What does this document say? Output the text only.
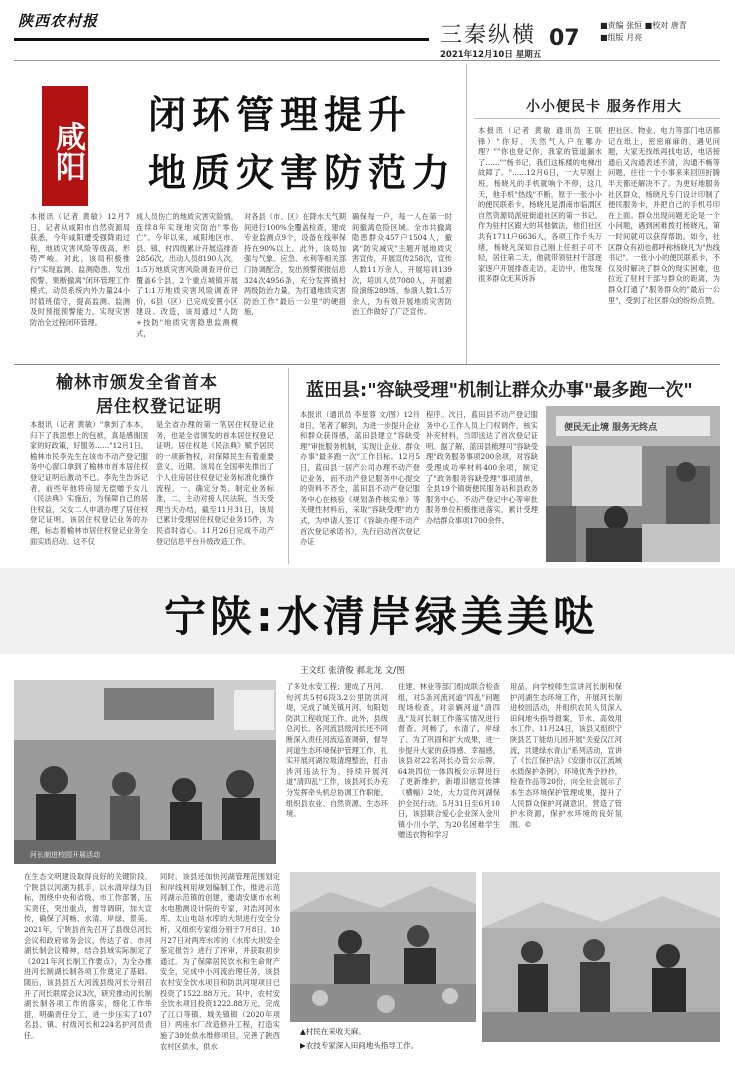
陕西农村报
三秦纵横 07
■责编 张恒 ■校对 唐青
■组版 月亮
2021年12月10日 星期五
咸阳
闭环管理提升
地质灾害防范力
本报讯（记者 黄敏）12月7日，记者从咸阳市自然资源局获悉，今年咸阳遭受强降雨过程，地质灾害风险等级高，形势严峻。对此，该局积极推行"实现监测、监测隐患、发出预警、果断撤离"闭环管理工作模式，动员系统内外力量24小时值班值守，提高监测、监测及时预报预警能力，实现灾害防治全过程闭环管理。
成人员伤亡的地质灾害灾险情，连续8年实现地灾防治"零伤亡"。今年以来，咸阳地区市、县、镇、村四级累计开展巡排查2856次，出动人员8190人次，1:5万地质灾害风险调查评价已覆盖6个县，2个重点城镇开展了1:1万地质灾害风险调查评价，6县（区）已完成安置小区建设、改造，该局通过"人防+技防"地质灾害隐患监测模式，
对各县（市、区）在降水天气期间进行100%全覆盖检查，建成专业监测点9个，设备在线率保持在90%以上。此外，该局加强与气象、应急、水利等相关部门协调配合，发出预警预报信息324次4956条，充分发挥镇村两级防治力量，为打通地质灾害防治工作"最后一公里"的硬措施，
确保每一户，每一人在第一时间撤离危险区域。全市共撤离隐患群众457户1504人，撤离"防灾减灾"主题开展地质灾害宣传，开展宣传258次，宣传人数11万余人，开展培训139次，培训人员7080人，开展避险演练289场，参演人数1.5万余人，为有效开展地质灾害防治工作做好了广泛宣传。
小小便民卡 服务作用大
本报讯（记者 黄敏 通讯员 王联锋）"你好，天然气入户在哪办理？""你也登记你，我家的管道漏水了……""杨书记，我们这栋楼的电梯出故障了。"……12月6日，一大早刚上班，杨晓凡的手机就响个不停，这几天，他手机"热线"不断，原于一张小小的便民联系卡。杨晓凡是渭南市临渭区自然资源局派驻街道社区的第一书记。作为驻村区跟大的其他做法，他们社区共有1711户6636人，各项工作千头万绪，杨晓凡深知自己刚上任担子可不轻，居住第二天，他就带领驻村干部逐家逐户开展排查走访，走访中，他发现很多群众无其诉诉
把社区、物业、电力等部门电话都记在纸上，密密麻麻的，遇见问题，大家无找纸再找电话，电话接通后又沟通表述不清，沟通不畅等问题，往往一个小事来来回回折腾半天都还解决不了。为更好地服务社区群众，杨晓凡专门设计印制了便民服务卡，并把自己的手机号印在上面。群众出现问题无论是一个小问题，遇到困难拨打杨晓凡，第一时间就可以获得帮助。如今，社区群众有初也都呼称杨晓凡为"热线书记"。一张小小的便民联系卡，不仅及时解决了群众的现实困难，也拉近了驻村干部与群众的距离，为群众打通了"服务群众的"最后一公里"，受到了社区群众的纷纷点赞。
榆林市颁发全省首本
居住权登记证明
本报讯（记者 黄敏）"拿到了本本，归下了我思想上的包袱，真是感谢国家的好政策，好服务……"12月1日，榆林市民李先生在该市不动产登记服务中心窗口拿到了榆林市首本居住权登记证明后激动不已。李先生告诉记者，前些年他将房屋无偿赠予女儿《民法典》实施后，为保障自己的居住权益，父女二人申请办理了居住权登记证明。该居住权登记业务的办理，标志着榆林市居住权登记业务全面实质启动。这不仅
是全省办理的第一笔居住权登记业务，也是全省颁发的首本居住权登记证明。居住权是《民法典》赋予居民的一项新物权，对保障民生有着重要意义，近期，该局在全国率先推出了个人住房居住权登记业务标准化操作流程，一、确定分类、制定业务标准，二、主动对接人民法院，当天受理当天办结，截至11月31日，该局已累计受理居住权登记业务15件，为民省时省心。11月26日完成不动产登记信息平台升级改造工作。
蓝田县:"容缺受理"机制让群众办事"最多跑一次"
本报讯（通讯员 李星蓉 文/图）12月8日，笔者了解到，为进一步提升企业和群众获得感，蓝田县建立"容缺受理"审批服务机制，实现让企业、群众办事"最多跑一次"工作目标。12月5日，蓝田县一居产公司办理不动产登记业务，而不动产登记服务中心提交的资料不齐全，蓝田县不动产登记服务中心在核验《规划条件核实单》等关键性材料后，采取"容缺受理"的方式，为申请人签订《容缺办理不动产首次登记承诺书》，先行启动首次登记办证
程序。次日，蓝田县不动产登记服务中心工作人员上门权调件，核实补充材料，当即送达了首次登记证明。据了解，蓝田县梳理可"容缺受理"政务服务事项200余项，对容缺受理成功率材料400余项，制定了"政务服务容缺受理"事项清单，全县19个镇街便民服务站和县政务服务中心、不动产登记中心等审批服务单位积极推进落实，累计受理办结群众事项1700余件。
便民无止境 服务无终点
宁陕:水清岸绿美美哒
王文红 张清俊 郝北龙 文/图
河长制进校园开展活动
了多处水安工程；建成了月河、旬河共5村6段3.2公里防洪河堤，完成了城关镇月河、旬阳划防洪工程收尾工作。此外，县级总河长、各河流县级河长还不同断深入责任河流巡查调研，督导河道生态环境保护管理工作，扎实开展河湖垃圾清理整治，打击涉河违法行为，持续开展河道"清四乱"工作，该县河长办充分发挥牵头机总协调工作职能，组织县农业、自然资源、生态环境、
住建、林业等部门组成联合检查组，对5条河流河道"四乱"问题现场检查，对亲辆河道"清四乱"及河长制工作落实情况进行督查。河畅了，水清了，岸绿了。为了巩固和扩大成果，进一步提升大家的获得感、幸福感，该县对22名河长办管公示牌，64块四位一体四板公示牌进行了更新维护，新增旧辖宣传牌（横幅）2处，大力宣传河湖保护全民行动。5月31日至6月10日，该县联合爱心企业深入金川镇小川小学，为20名困难学生赠送衣物和学习
用品，向学校师生宣讲河长制和保护河湖生态环境工作，开展河长制进校园活动，并组织农民人员深入田间地头指导报案，节水、高效用水工作。11月24日，该县又组织宁陕县艺丁能幼儿园开展"关爱汉江河流，共建绿水青山"系列活动，宣讲了《长江保护法》《安康市汉江流域水质保护条例》，环境优秀予抄抄，检查作品等20份，向全社会展示了本生态环境保护管理成果，提升了人民群众保护河湖意识，营造了管护水资源，保护水环境的良好氛围。©
在生态文明建设取得良好的关键阶段，宁陕县以河湖为抓手，以水清岸绿为目标，围绕中央和省级、市工作部署，压实责任，突出重点，督导调研，加大宣传，确保了河畅、水清、岸绿、景美。2021年，宁陕县首先召开了县级总河长会议和政府常务会议，传达了省、市河湖长制会议精神，结合县域实际制定了《2021年河长制工作要点》，为全办推进河长制湖长制各项工作奠定了基础。随后，该县县五大河流县级河长分别召开了河长联席会议3次，研究推动河长制湖长制各项工作的落实，细化工作举措，明确责任分工，进一步压实了107名县、镇、村级河长和224名护河员责任。
同时，该县还加快河湖管理范围划定和岸线利用规划编制工作，推进示范河湖示范镇的创建，邀请安康市水利水电勘测设计院的专家，对浩河河水库、太山电站水库的大坝进行安全分析，又组织专家组分别于7月8日、10月27日对两库水库的《水库大坝安全鉴定报告》进行了评审，并获取初步通过。为了保障居民饮水和生命财产安全，完成中小河流治理任务，该县农村安全饮水项目和防洪河堤项目已投资了1522.88万元。其中，农村安全饮水项目投资1222.88万元，完成了江口等镇、城关镇镇（2020年项目）两座水厂改造修升工程，打造实施了39处供水维修项目，完善了陕西农村区供水，供水
▲村民在采收天麻。
▶农技专家深入田间地头指导工作。
